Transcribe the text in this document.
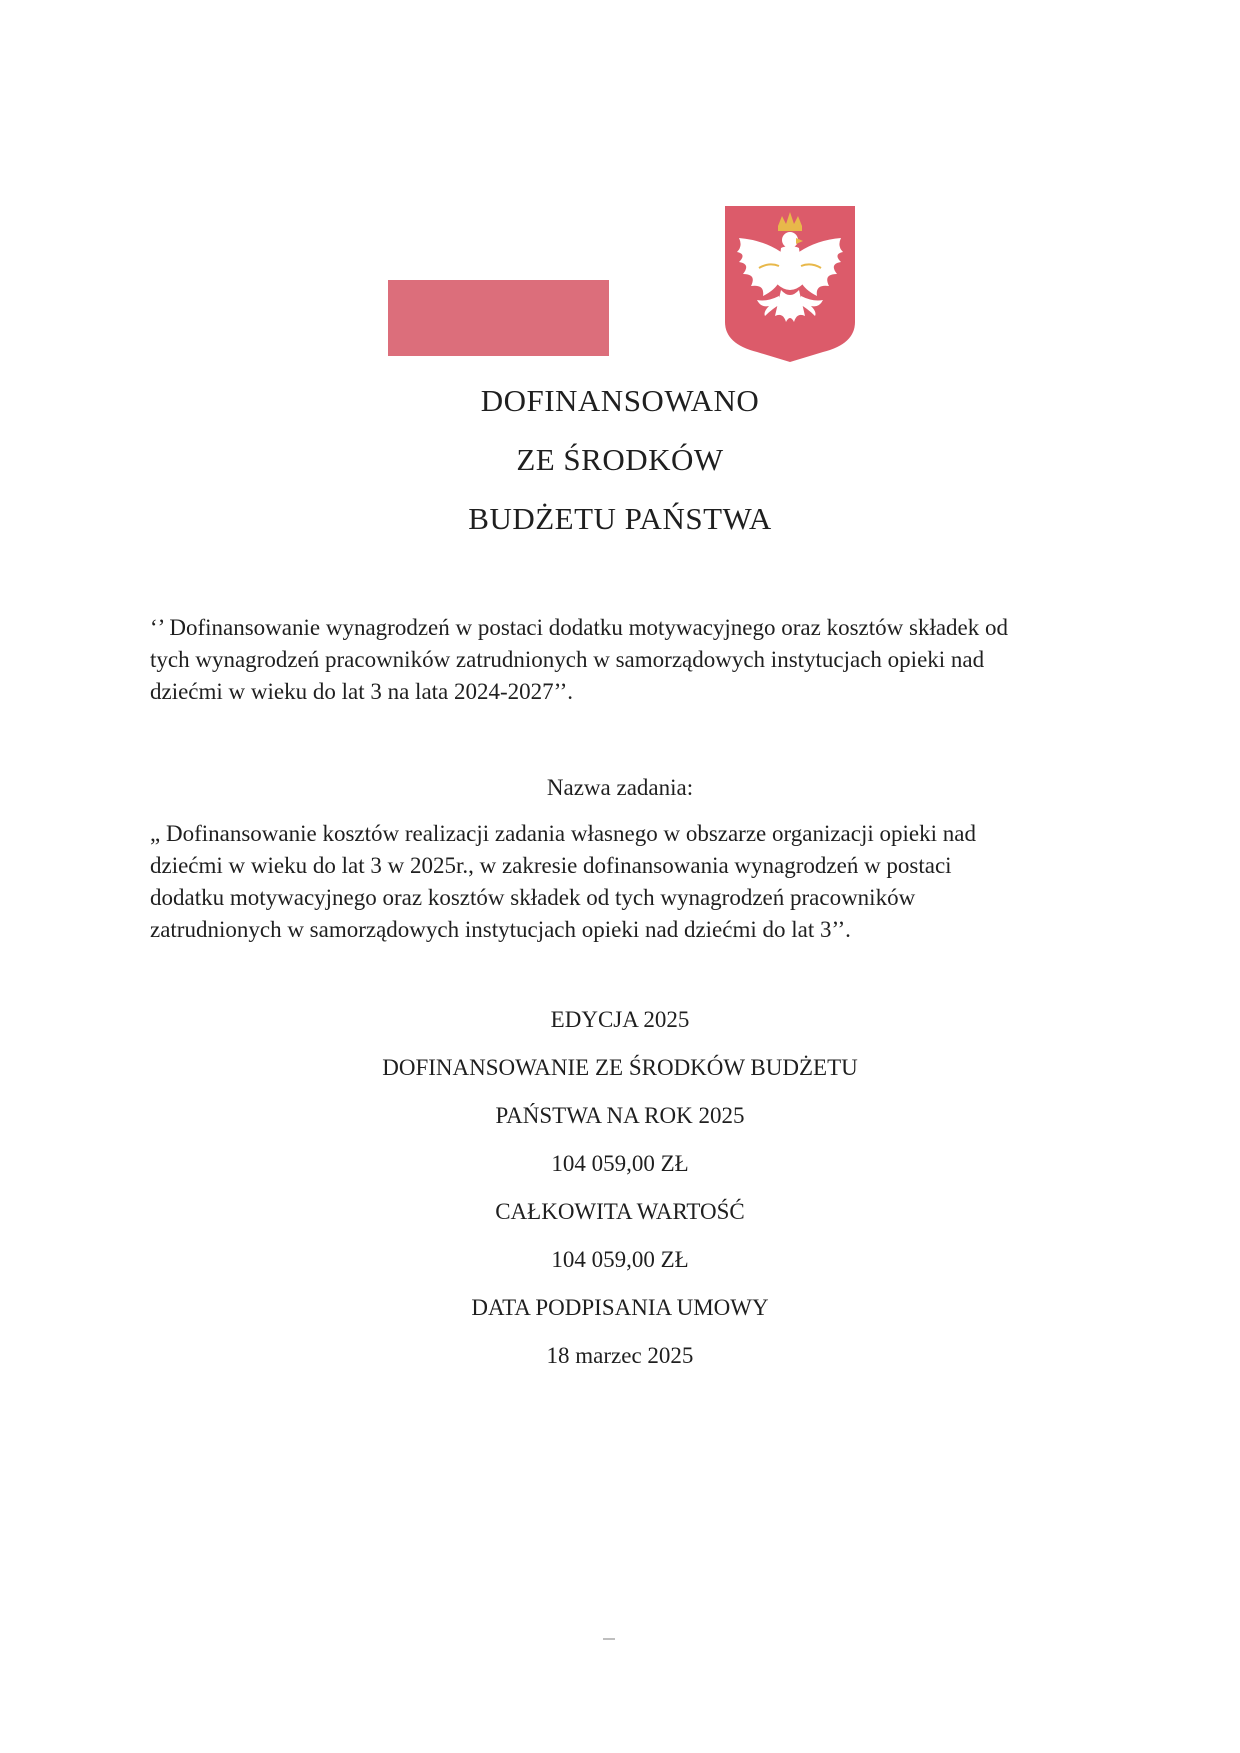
DOFINANSOWANO
ZE ŚRODKÓW
BUDŻETU PAŃSTWA
‘’ Dofinansowanie wynagrodzeń w postaci dodatku motywacyjnego oraz kosztów składek od
tych wynagrodzeń pracowników zatrudnionych w samorządowych instytucjach opieki nad
dziećmi w wieku do lat 3 na lata 2024-2027’’.
Nazwa zadania:
„ Dofinansowanie kosztów realizacji zadania własnego w obszarze organizacji opieki nad
dziećmi w wieku do lat 3 w 2025r., w zakresie dofinansowania wynagrodzeń w postaci
dodatku motywacyjnego oraz kosztów składek od tych wynagrodzeń pracowników
zatrudnionych w samorządowych instytucjach opieki nad dziećmi do lat 3’’.
EDYCJA 2025
DOFINANSOWANIE ZE ŚRODKÓW BUDŻETU
PAŃSTWA NA ROK 2025
104 059,00 ZŁ
CAŁKOWITA WARTOŚĆ
104 059,00 ZŁ
DATA PODPISANIA UMOWY
18 marzec 2025
